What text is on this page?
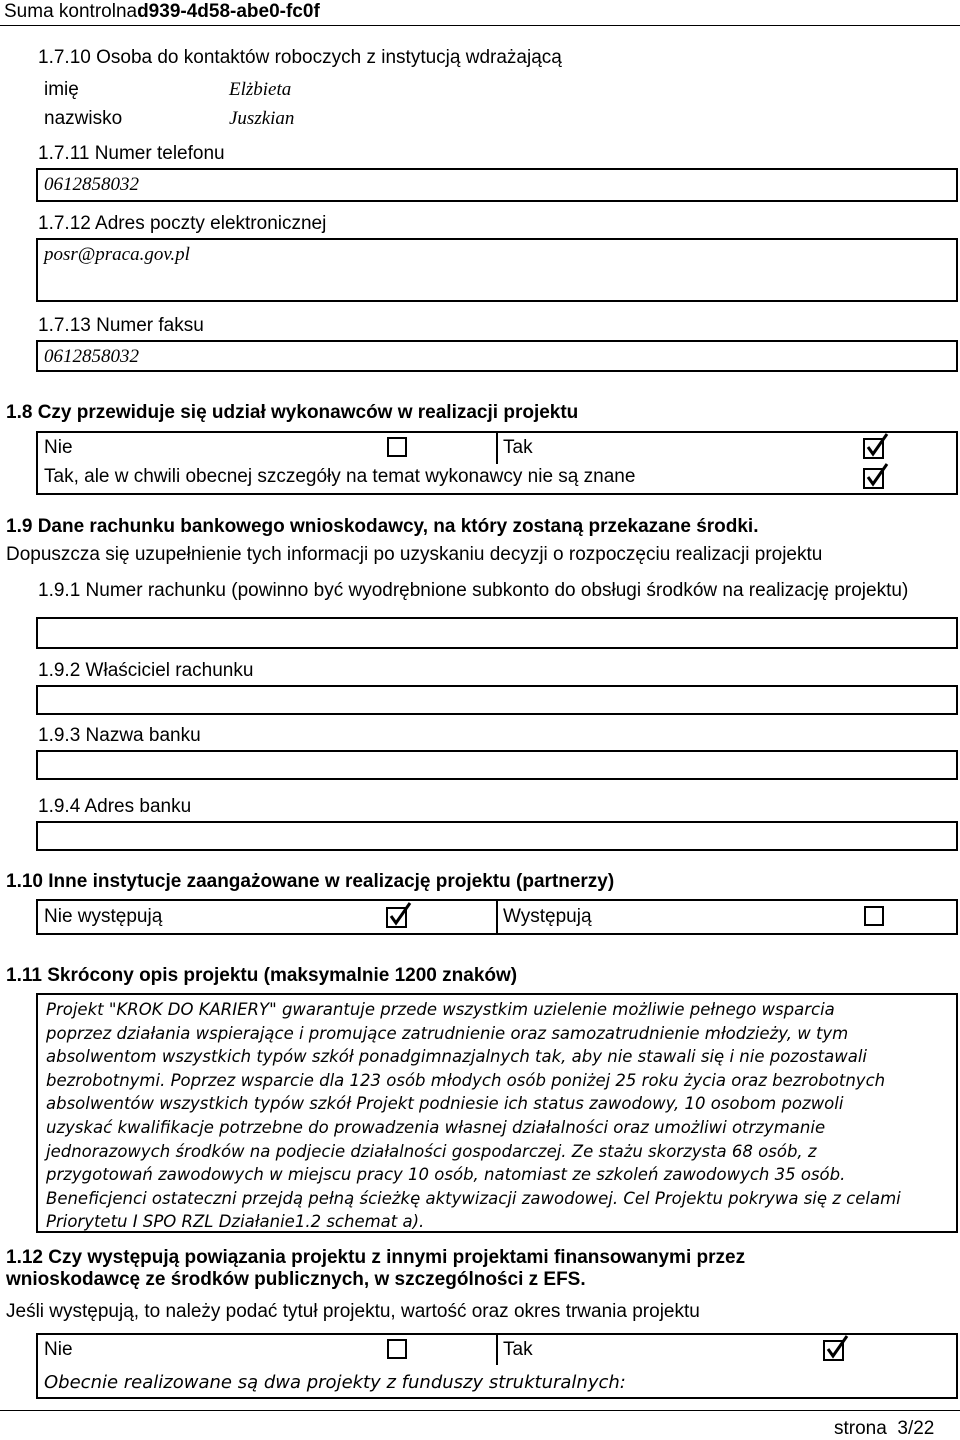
Suma kontrolnad939-4d58-abe0-fc0f
1.7.10 Osoba do kontaktów roboczych z instytucją wdrażającą
imię	Elżbieta
nazwisko	Juszkian
1.7.11 Numer telefonu
0612858032
1.7.12 Adres poczty elektronicznej
posr@praca.gov.pl
1.7.13 Numer faksu
0612858032
1.8 Czy przewiduje się udział wykonawców w realizacji projektu
Nie	Tak
Tak, ale w chwili obecnej szczegóły na temat wykonawcy nie są znane
1.9 Dane rachunku bankowego wnioskodawcy, na który zostaną przekazane środki.
Dopuszcza się uzupełnienie tych informacji po uzyskaniu decyzji o rozpoczęciu realizacji projektu
1.9.1 Numer rachunku (powinno być wyodrębnione subkonto do obsługi środków na realizację projektu)
1.9.2 Właściciel rachunku
1.9.3 Nazwa banku
1.9.4 Adres banku
1.10 Inne instytucje zaangażowane w realizację projektu (partnerzy)
Nie występują	Występują
1.11 Skrócony opis projektu (maksymalnie 1200 znaków)
Projekt "KROK DO KARIERY" gwarantuje przede wszystkim uzielenie możliwie pełnego wsparcia
poprzez działania wspierające i promujące zatrudnienie oraz samozatrudnienie młodzieży, w tym
absolwentom wszystkich typów szkół ponadgimnazjalnych tak, aby nie stawali się i nie pozostawali
bezrobotnymi. Poprzez wsparcie dla 123 osób młodych osób poniżej 25 roku życia oraz bezrobotnych
absolwentów wszystkich typów szkół Projekt podniesie ich status zawodowy, 10 osobom pozwoli
uzyskać kwalifikacje potrzebne do prowadzenia własnej działalności oraz umożliwi otrzymanie
jednorazowych środków na podjecie działalności gospodarczej. Ze stażu skorzysta 68 osób, z
przygotowań zawodowych w miejscu pracy 10 osób, natomiast ze szkoleń zawodowych 35 osób.
Beneficjenci ostateczni przejdą pełną ścieżkę aktywizacji zawodowej. Cel Projektu pokrywa się z celami
Priorytetu I SPO RZL Działanie1.2 schemat a).
1.12 Czy występują powiązania projektu z innymi projektami finansowanymi przez
wnioskodawcę ze środków publicznych, w szczególności z EFS.
Jeśli występują, to należy podać tytuł projektu, wartość oraz okres trwania projektu
Nie	Tak
Obecnie realizowane są dwa projekty z funduszy strukturalnych:
strona 3/22
